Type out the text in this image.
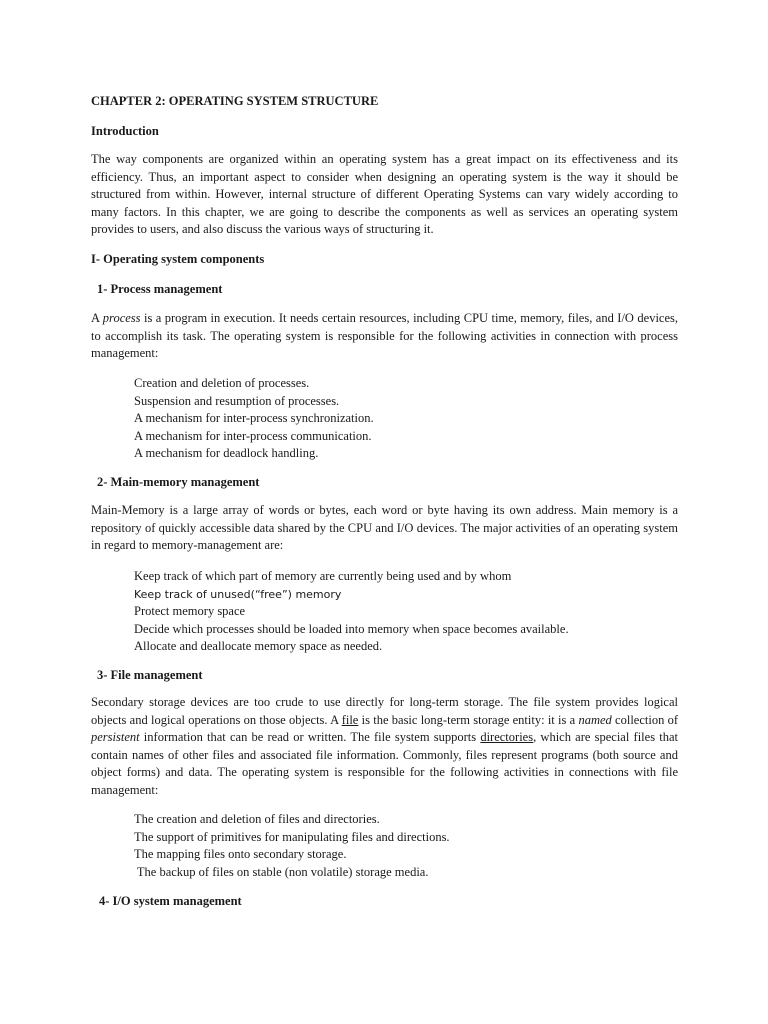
CHAPTER 2: OPERATING SYSTEM STRUCTURE
Introduction
The way components are organized within an operating system has a great impact on its effectiveness and its efficiency. Thus, an important aspect to consider when designing an operating system is the way it should be structured from within. However, internal structure of different Operating Systems can vary widely according to many factors. In this chapter, we are going to describe the components as well as services an operating system provides to users, and also discuss the various ways of structuring it.
I- Operating system components
1- Process management
A process is a program in execution. It needs certain resources, including CPU time, memory, files, and I/O devices, to accomplish its task. The operating system is responsible for the following activities in connection with process management:
Creation and deletion of processes.
Suspension and resumption of processes.
A mechanism for inter-process synchronization.
A mechanism for inter-process communication.
A mechanism for deadlock handling.
2- Main-memory management
Main-Memory is a large array of words or bytes, each word or byte having its own address. Main memory is a repository of quickly accessible data shared by the CPU and I/O devices. The major activities of an operating system in regard to memory-management are:
Keep track of which part of memory are currently being used and by whom
Keep track of unused(“free”) memory
Protect memory space
Decide which processes should be loaded into memory when space becomes available.
Allocate and deallocate memory space as needed.
3- File management
Secondary storage devices are too crude to use directly for long-term storage. The file system provides logical objects and logical operations on those objects. A file is the basic long-term storage entity: it is a named collection of persistent information that can be read or written. The file system supports directories, which are special files that contain names of other files and associated file information. Commonly, files represent programs (both source and object forms) and data. The operating system is responsible for the following activities in connections with file management:
The creation and deletion of files and directories.
The support of primitives for manipulating files and directions.
The mapping files onto secondary storage.
The backup of files on stable (non volatile) storage media.
4- I/O system management
